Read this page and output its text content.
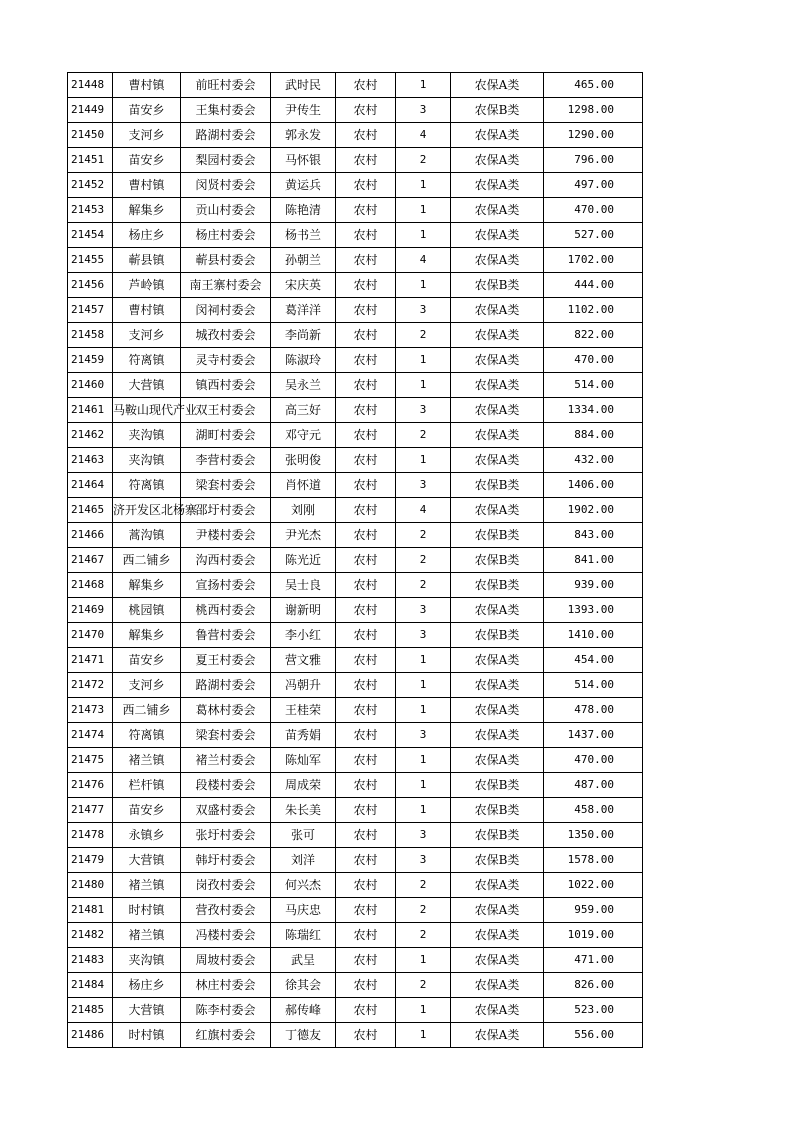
21448	曹村镇	前旺村委会	武时民	农村	1	农保A类	465.00
21449	苗安乡	王集村委会	尹传生	农村	3	农保B类	1298.00
21450	支河乡	路湖村委会	郭永发	农村	4	农保A类	1290.00
21451	苗安乡	梨园村委会	马怀银	农村	2	农保A类	796.00
21452	曹村镇	闵贤村委会	黄运兵	农村	1	农保A类	497.00
21453	解集乡	贡山村委会	陈艳清	农村	1	农保A类	470.00
21454	杨庄乡	杨庄村委会	杨书兰	农村	1	农保A类	527.00
21455	蕲县镇	蕲县村委会	孙朝兰	农村	4	农保A类	1702.00
21456	芦岭镇	南王寨村委会	宋庆英	农村	1	农保B类	444.00
21457	曹村镇	闵祠村委会	葛洋洋	农村	3	农保A类	1102.00
21458	支河乡	城孜村委会	李尚新	农村	2	农保A类	822.00
21459	符离镇	灵寺村委会	陈淑玲	农村	1	农保A类	470.00
21460	大营镇	镇西村委会	吴永兰	农村	1	农保A类	514.00
21461	马鞍山现代产业	双王村委会	高三好	农村	3	农保A类	1334.00
21462	夹沟镇	湖町村委会	邓守元	农村	2	农保A类	884.00
21463	夹沟镇	李营村委会	张明俊	农村	1	农保A类	432.00
21464	符离镇	梁套村委会	肖怀道	农村	3	农保B类	1406.00
21465	济开发区北杨寨	邵圩村委会	刘刚	农村	4	农保A类	1902.00
21466	蒿沟镇	尹楼村委会	尹光杰	农村	2	农保B类	843.00
21467	西二铺乡	沟西村委会	陈光近	农村	2	农保B类	841.00
21468	解集乡	宣扬村委会	吴士良	农村	2	农保B类	939.00
21469	桃园镇	桃西村委会	谢新明	农村	3	农保A类	1393.00
21470	解集乡	鲁营村委会	李小红	农村	3	农保B类	1410.00
21471	苗安乡	夏王村委会	营文雅	农村	1	农保A类	454.00
21472	支河乡	路湖村委会	冯朝升	农村	1	农保A类	514.00
21473	西二铺乡	葛林村委会	王桂荣	农村	1	农保A类	478.00
21474	符离镇	梁套村委会	苗秀娟	农村	3	农保A类	1437.00
21475	褚兰镇	褚兰村委会	陈灿军	农村	1	农保A类	470.00
21476	栏杆镇	段楼村委会	周成荣	农村	1	农保B类	487.00
21477	苗安乡	双盛村委会	朱长美	农村	1	农保B类	458.00
21478	永镇乡	张圩村委会	张可	农村	3	农保B类	1350.00
21479	大营镇	韩圩村委会	刘洋	农村	3	农保B类	1578.00
21480	褚兰镇	岗孜村委会	何兴杰	农村	2	农保A类	1022.00
21481	时村镇	营孜村委会	马庆忠	农村	2	农保A类	959.00
21482	褚兰镇	冯楼村委会	陈瑞红	农村	2	农保A类	1019.00
21483	夹沟镇	周坡村委会	武呈	农村	1	农保A类	471.00
21484	杨庄乡	林庄村委会	徐其会	农村	2	农保A类	826.00
21485	大营镇	陈李村委会	郝传峰	农村	1	农保A类	523.00
21486	时村镇	红旗村委会	丁德友	农村	1	农保A类	556.00
